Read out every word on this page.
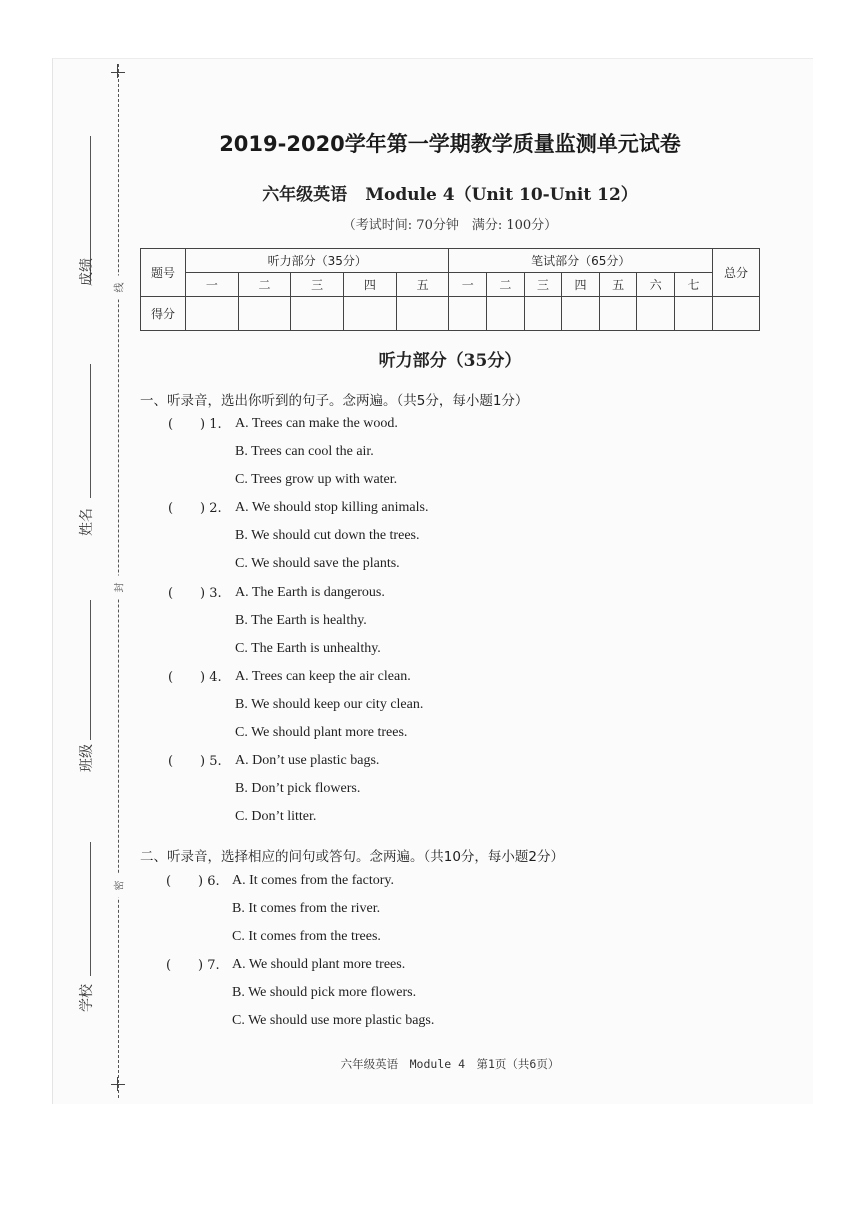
成绩
姓名
班级
学校
线
封
密
2019-2020学年第一学期教学质量监测单元试卷
六年级英语 Module 4（Unit 10-Unit 12）
（考试时间: 70分钟　满分: 100分）
题号	听力部分（35分）					笔试部分（65分）							总分
	一	二	三	四	五	一	二	三	四	五	六	七	
得分													
听力部分（35分）
一、听录音，选出你听到的句子。念两遍。（共5分，每小题1分）
( ) 1. A. Trees can make the wood.
B. Trees can cool the air.
C. Trees grow up with water.
( ) 2. A. We should stop killing animals.
B. We should cut down the trees.
C. We should save the plants.
( ) 3. A. The Earth is dangerous.
B. The Earth is healthy.
C. The Earth is unhealthy.
( ) 4. A. Trees can keep the air clean.
B. We should keep our city clean.
C. We should plant more trees.
( ) 5. A. Don’t use plastic bags.
B. Don’t pick flowers.
C. Don’t litter.
二、听录音，选择相应的问句或答句。念两遍。（共10分，每小题2分）
( ) 6. A. It comes from the factory.
B. It comes from the river.
C. It comes from the trees.
( ) 7. A. We should plant more trees.
B. We should pick more flowers.
C. We should use more plastic bags.
六年级英语　Module 4　第1页（共6页）
